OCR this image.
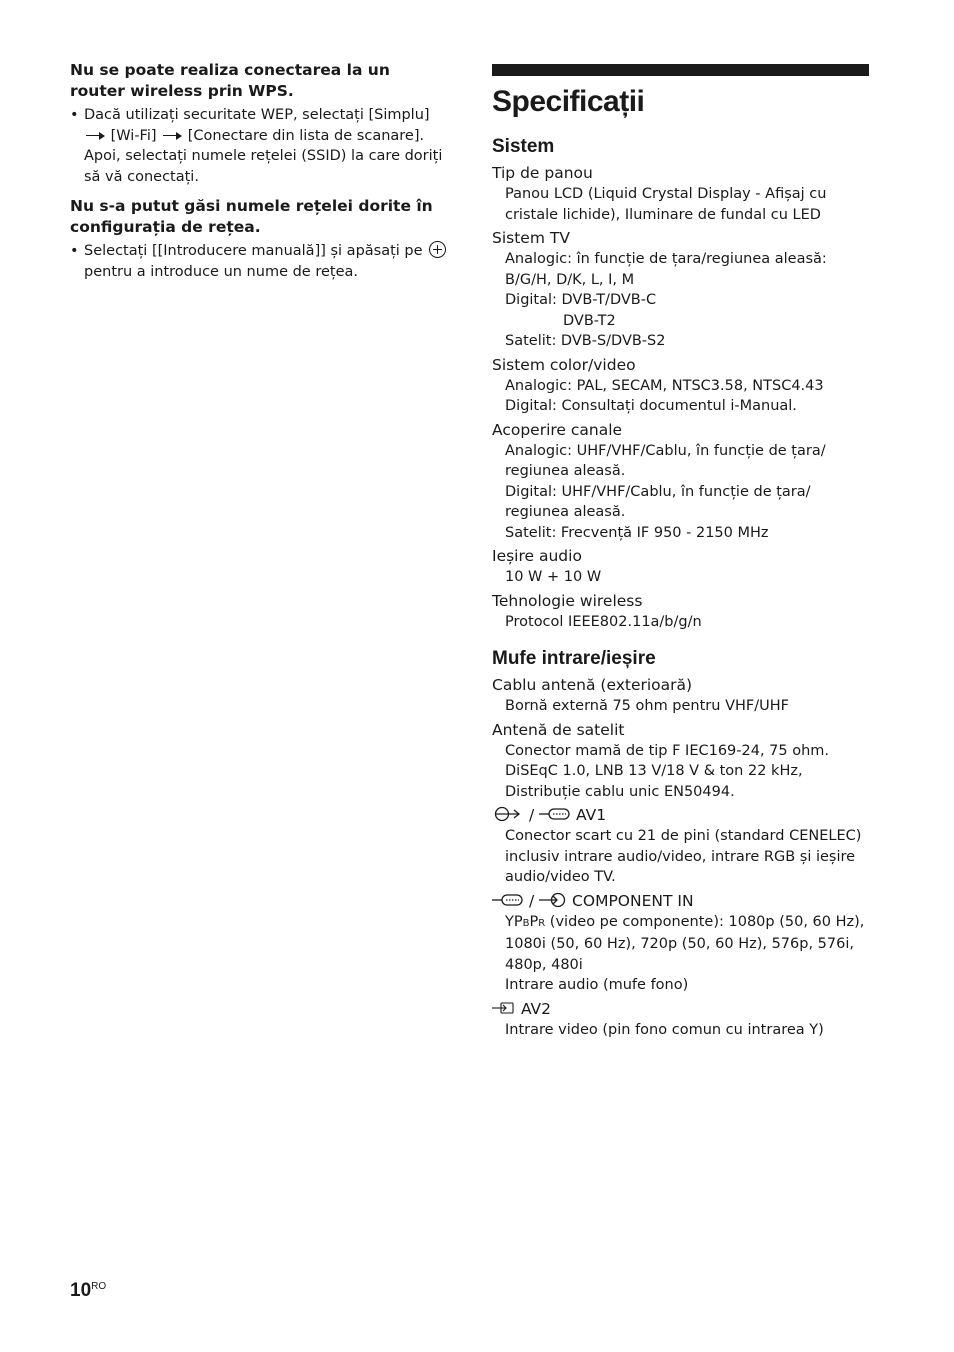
Nu se poate realiza conectarea la un router wireless prin WPS.
• Dacă utilizați securitate WEP, selectați [Simplu]  [Wi-Fi] [Conectare din lista de scanare]. Apoi, selectați numele rețelei (SSID) la care doriți să vă conectați.
Nu s-a putut găsi numele rețelei dorite în configurația de rețea.
• Selectați [[Introducere manuală]] și apăsați pe  pentru a introduce un nume de rețea.
Specificații
Sistem
Tip de panou
Panou LCD (Liquid Crystal Display - Afișaj cu cristale lichide), Iluminare de fundal cu LED
Sistem TV
Analogic: în funcție de țara/regiunea aleasă: B/G/H, D/K, L, I, M
Digital: DVB-T/DVB-C
DVB-T2
Satelit: DVB-S/DVB-S2
Sistem color/video
Analogic: PAL, SECAM, NTSC3.58, NTSC4.43
Digital: Consultați documentul i-Manual.
Acoperire canale
Analogic: UHF/VHF/Cablu, în funcție de țara/ regiunea aleasă.
Digital: UHF/VHF/Cablu, în funcție de țara/ regiunea aleasă.
Satelit: Frecvență IF 950 - 2150 MHz
Ieșire audio
10 W + 10 W
Tehnologie wireless
Protocol IEEE802.11a/b/g/n
Mufe intrare/ieșire
Cablu antenă (exterioară)
Bornă externă 75 ohm pentru VHF/UHF
Antenă de satelit
Conector mamă de tip F IEC169-24, 75 ohm. DiSEqC 1.0, LNB 13 V/18 V & ton 22 kHz, Distribuție cablu unic EN50494.
/	AV1
Conector scart cu 21 de pini (standard CENELEC) inclusiv intrare audio/video, intrare RGB și ieșire audio/video TV.
/ COMPONENT IN
YPBPR (video pe componente): 1080p (50, 60 Hz), 1080i (50, 60 Hz), 720p (50, 60 Hz), 576p, 576i, 480p, 480i
Intrare audio (mufe fono)
AV2
Intrare video (pin fono comun cu intrarea Y)
$10^{RO}$
